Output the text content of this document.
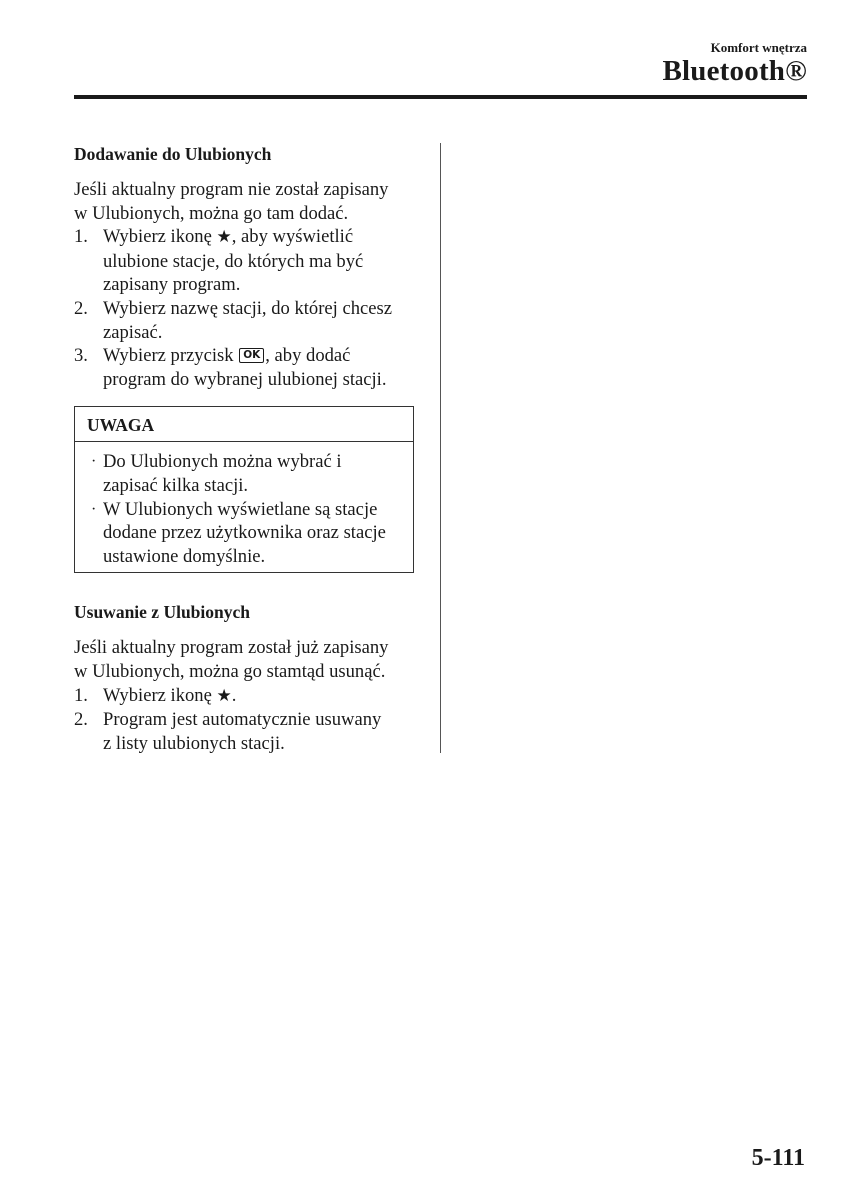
Komfort wnętrza
Bluetooth®
Dodawanie do Ulubionych

Jeśli aktualny program nie został zapisany
w Ulubionych, można go tam dodać.

1. Wybierz ikonę ★, aby wyświetlić
ulubione stacje, do których ma być
zapisany program.
2. Wybierz nazwę stacji, do której chcesz
zapisać.
3. Wybierz przycisk OK , aby dodać
program do wybranej ulubionej stacji.
UWAGA
· Do Ulubionych można wybrać i
zapisać kilka stacji.
· W Ulubionych wyświetlane są stacje
dodane przez użytkownika oraz stacje
ustawione domyślnie.
Usuwanie z Ulubionych

Jeśli aktualny program został już zapisany
w Ulubionych, można go stamtąd usunąć.

1. Wybierz ikonę ★.
2. Program jest automatycznie usuwany
z listy ulubionych stacji.
5-111
